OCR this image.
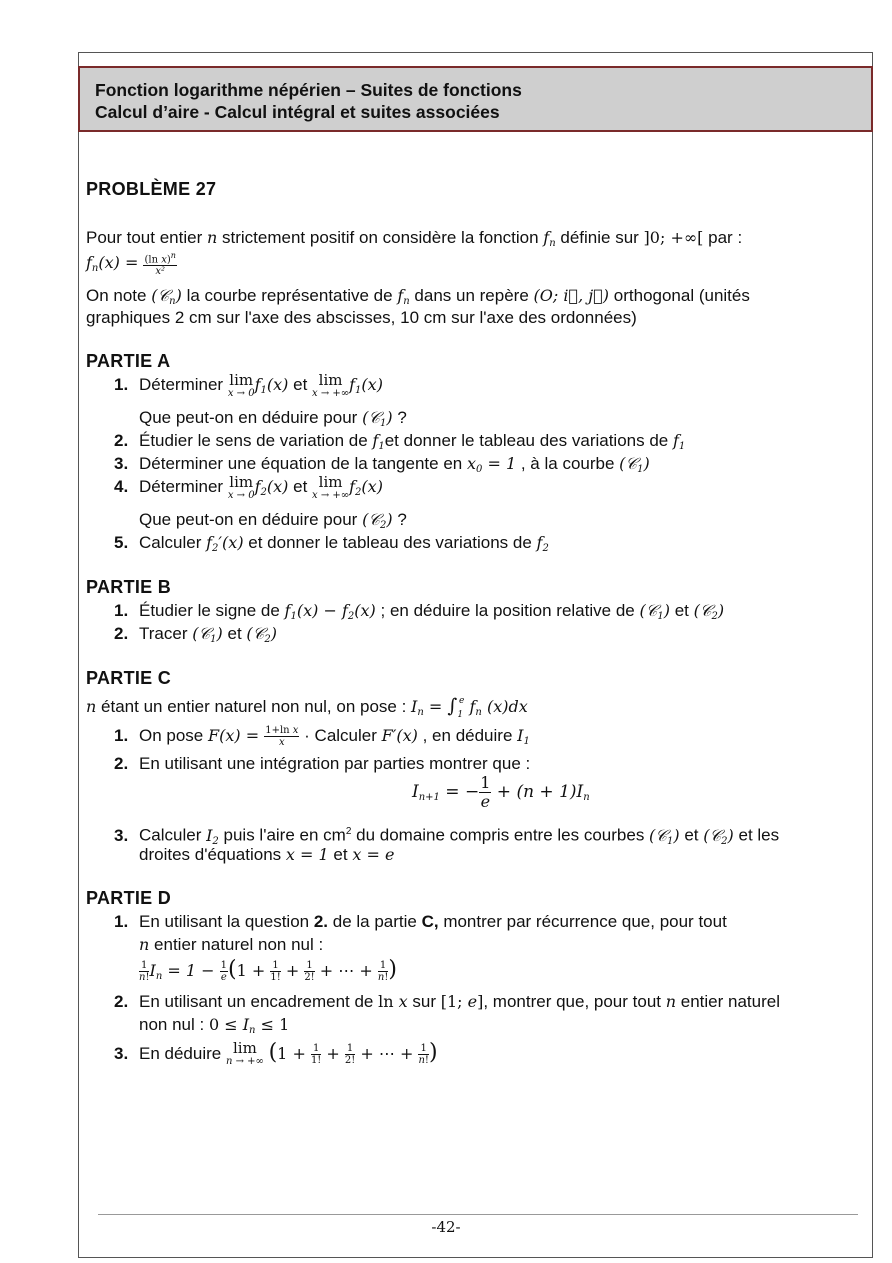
Fonction logarithme népérien – Suites de fonctions
Calcul d’aire - Calcul intégral et suites associées
PROBLÈME 27
Pour tout entier n strictement positif on considère la fonction $f_n$ définie sur ]0; +∞[ par :
$f_n(x) = \frac{(\ln x)^n}{\text{x²}}$
On note (𝒞$_n$) la courbe représentative de $f_n$ dans un repère (O; i⃗, j⃗) orthogonal (unités
graphiques 2 cm sur l'axe des abscisses, 10 cm sur l'axe des ordonnées)
PARTIE A
1. Déterminer lim
x → 0 $f_1(x)$ et lim
x → +∞ $f_1(x)$
Que peut-on en déduire pour (𝒞$_1$) ?
2. Étudier le sens de variation de $f_1et$ donner le tableau des variations de $f_1$
3. Déterminer une équation de la tangente en $x_0 = 1$ , à la courbe (𝒞$_1$)
4. Déterminer lim
x → 0 $f_2(x)$ et lim
x → +∞ $f_2(x)$
Que peut-on en déduire pour (𝒞$_2$) ?
5. Calculer $f_2'(x)$ et donner le tableau des variations de $f_2$
PARTIE B
1. Étudier le signe de $f_1(x) - f_2(x)$ ; en déduire la position relative de (𝒞$_1$) et (𝒞$_2$)
2. Tracer (𝒞$_1$) et (𝒞$_2$)
PARTIE C
n étant un entier naturel non nul, on pose : $I_n = \int_1^e$ $f_n$ (x)dx
1. On pose $F(x) = \frac{\text{1+ln x}}{x}$ · Calculer F′(x) , en déduire $I_1$
2. En utilisant une intégration par parties montrer que :
$I_{n+1}$ = − $\frac{1}{e} + (n + 1)I_n$
3. Calculer $I_2$ puis l'aire en $cm^2$ du domaine compris entre les courbes (𝒞$_1$) et (𝒞$_2$) et les
droites d'équations x = 1 et x = e
PARTIE D
1. En utilisant la question 2. de la partie C, montrer par récurrence que, pour tout
n entier naturel non nul :
$\frac{1}{n!} I_n = 1 - \frac{1}{e} (1 + \frac{1}{1!} + \frac{1}{2!}$ + ⋯ + $\frac{1}{n!}$ )
2. En utilisant un encadrement de ln x sur [1; e], montrer que, pour tout n entier naturel
non nul : $0 \le I_n \le 1$
3. En déduire lim
n → +∞ ($1 + \frac{1}{1!} + \frac{1}{2!}$ + ⋯ + $\frac{1}{n!}$ )
-42-
